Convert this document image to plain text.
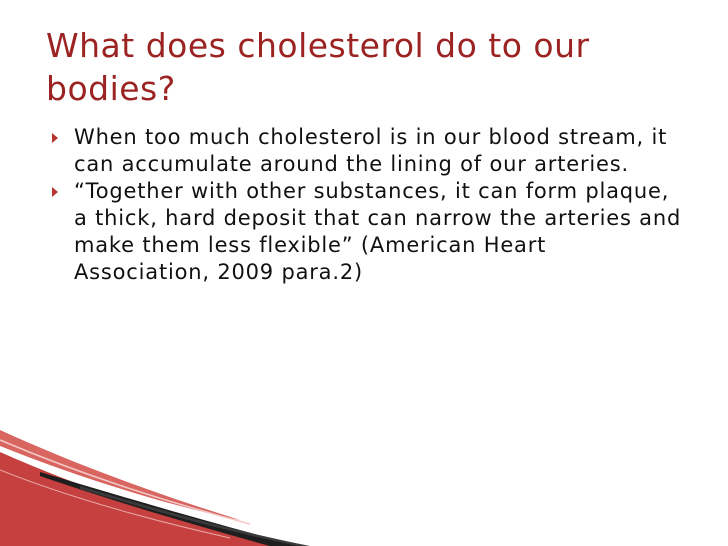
What does cholesterol do to our bodies?
When too much cholesterol is in our blood stream, it can accumulate around the lining of our arteries.
“Together with other substances, it can form plaque, a thick, hard deposit that can narrow the arteries and make them less flexible” (American Heart Association, 2009 para.2)
